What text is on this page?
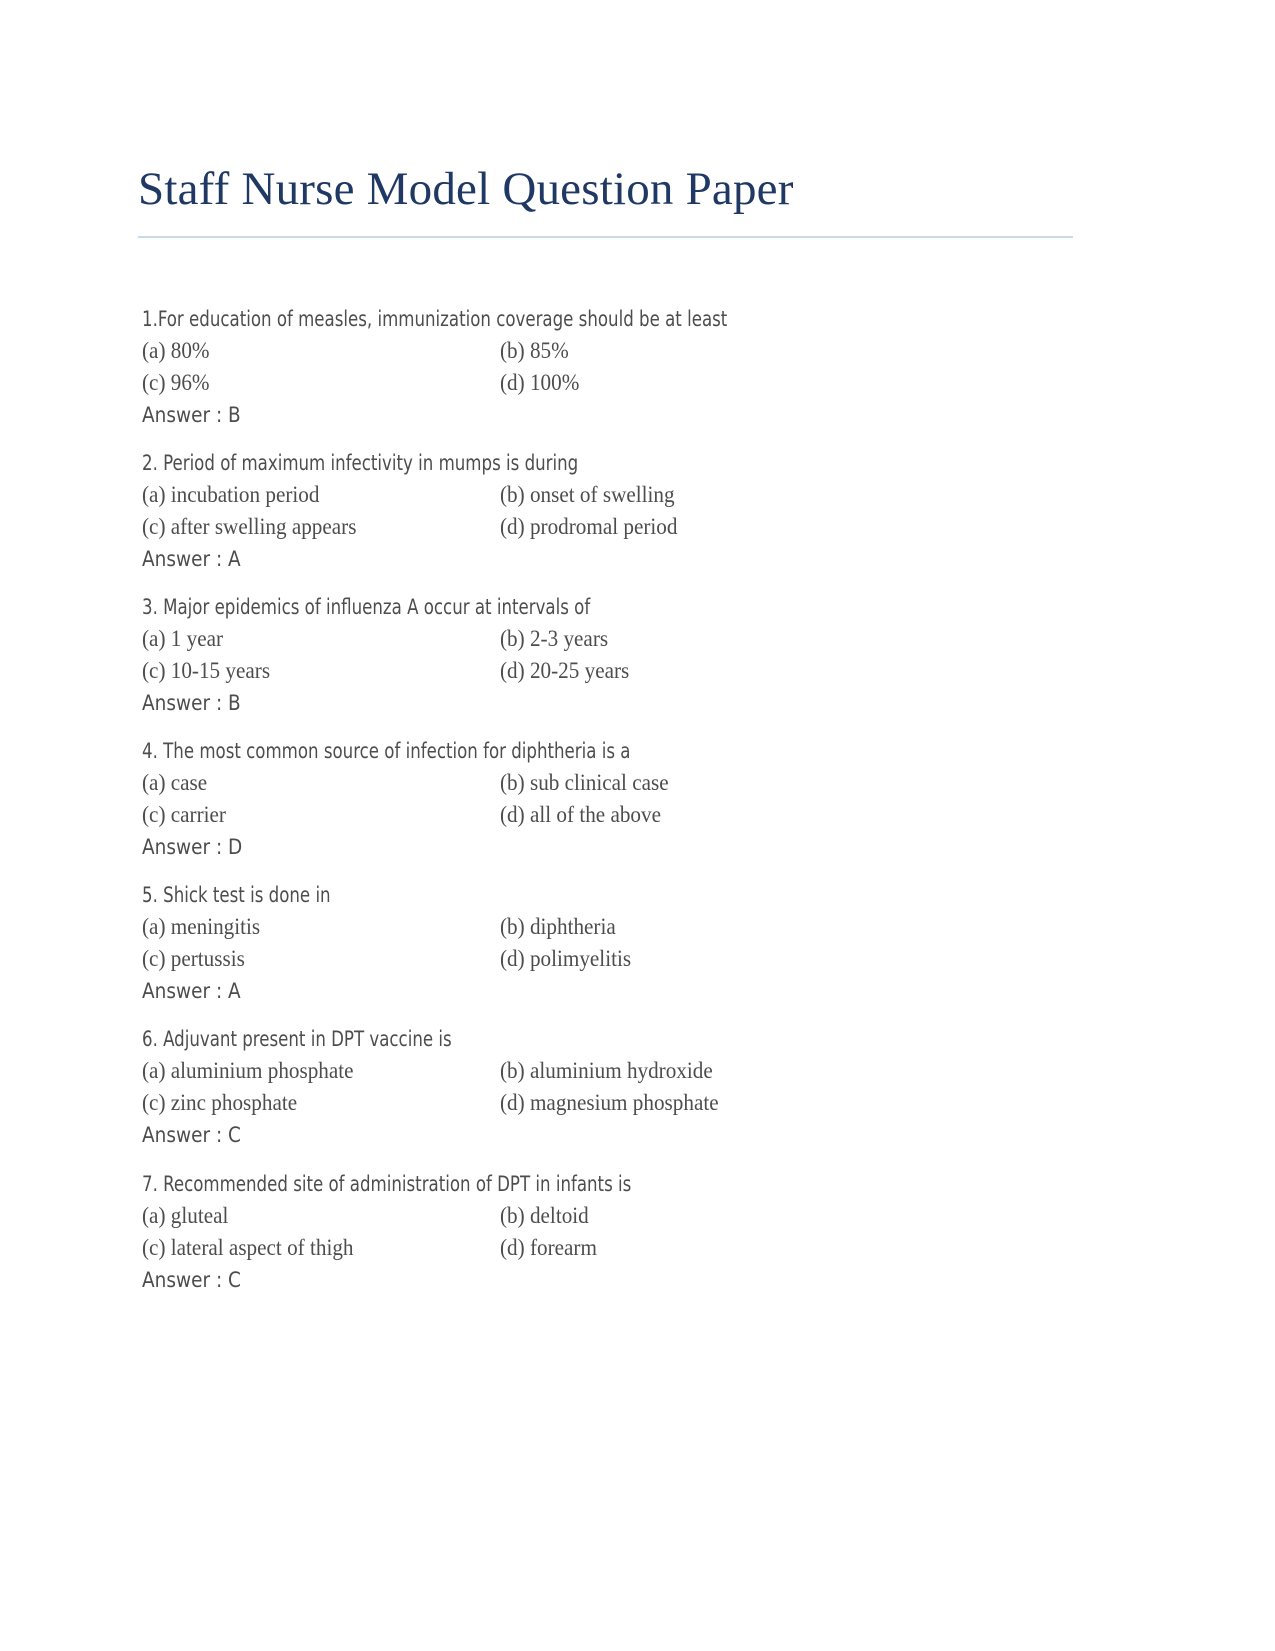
Staff Nurse Model Question Paper
1.For education of measles, immunization coverage should be at least
(a) 80%	(b) 85%
(c) 96%	(d) 100%
Answer : B
2. Period of maximum infectivity in mumps is during
(a) incubation period	(b) onset of swelling
(c) after swelling appears	(d) prodromal period
Answer : A
3. Major epidemics of influenza A occur at intervals of
(a) 1 year	(b) 2-3 years
(c) 10-15 years	(d) 20-25 years
Answer : B
4. The most common source of infection for diphtheria is a
(a) case	(b) sub clinical case
(c) carrier	(d) all of the above
Answer : D
5. Shick test is done in
(a) meningitis	(b) diphtheria
(c) pertussis	(d) polimyelitis
Answer : A
6. Adjuvant present in DPT vaccine is
(a) aluminium phosphate	(b) aluminium hydroxide
(c) zinc phosphate	(d) magnesium phosphate
Answer : C
7. Recommended site of administration of DPT in infants is
(a) gluteal	(b) deltoid
(c) lateral aspect of thigh	(d) forearm
Answer : C
